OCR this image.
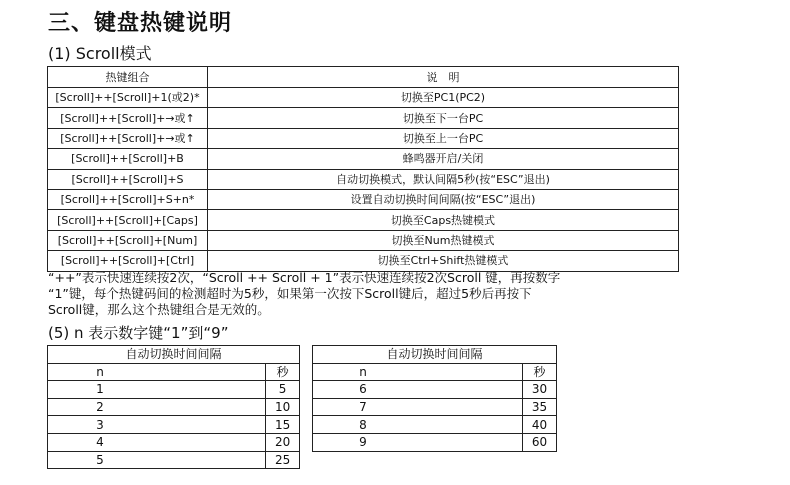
三、键盘热键说明
(1) Scroll模式
热键组合	说　明
[Scroll]++[Scroll]+1(或2)*	切换至PC1(PC2)
[Scroll]++[Scroll]+→或↑	切换至下一台PC
[Scroll]++[Scroll]+→或↑	切换至上一台PC
[Scroll]++[Scroll]+B	蜂鸣器开启/关闭
[Scroll]++[Scroll]+S	自动切换模式，默认间隔5秒(按“ESC”退出)
[Scroll]++[Scroll]+S+n*	设置自动切换时间间隔(按“ESC”退出)
[Scroll]++[Scroll]+[Caps]	切换至Caps热键模式
[Scroll]++[Scroll]+[Num]	切换至Num热键模式
[Scroll]++[Scroll]+[Ctrl]	切换至Ctrl+Shift热键模式

“++”表示快速连续按2次，“Scroll ++ Scroll + 1”表示快速连续按2次Scroll 键，再按数字

“1”键，每个热键码间的检测超时为5秒，如果第一次按下Scroll键后，超过5秒后再按下

Scroll键，那么这个热键组合是无效的。

(5) n 表示数字键“1”到“9”
自动切换时间间隔	
n	秒
1	5
2	10
3	15
4	20
5	25
自动切换时间间隔	
n	秒
6	30
7	35
8	40
9	60
